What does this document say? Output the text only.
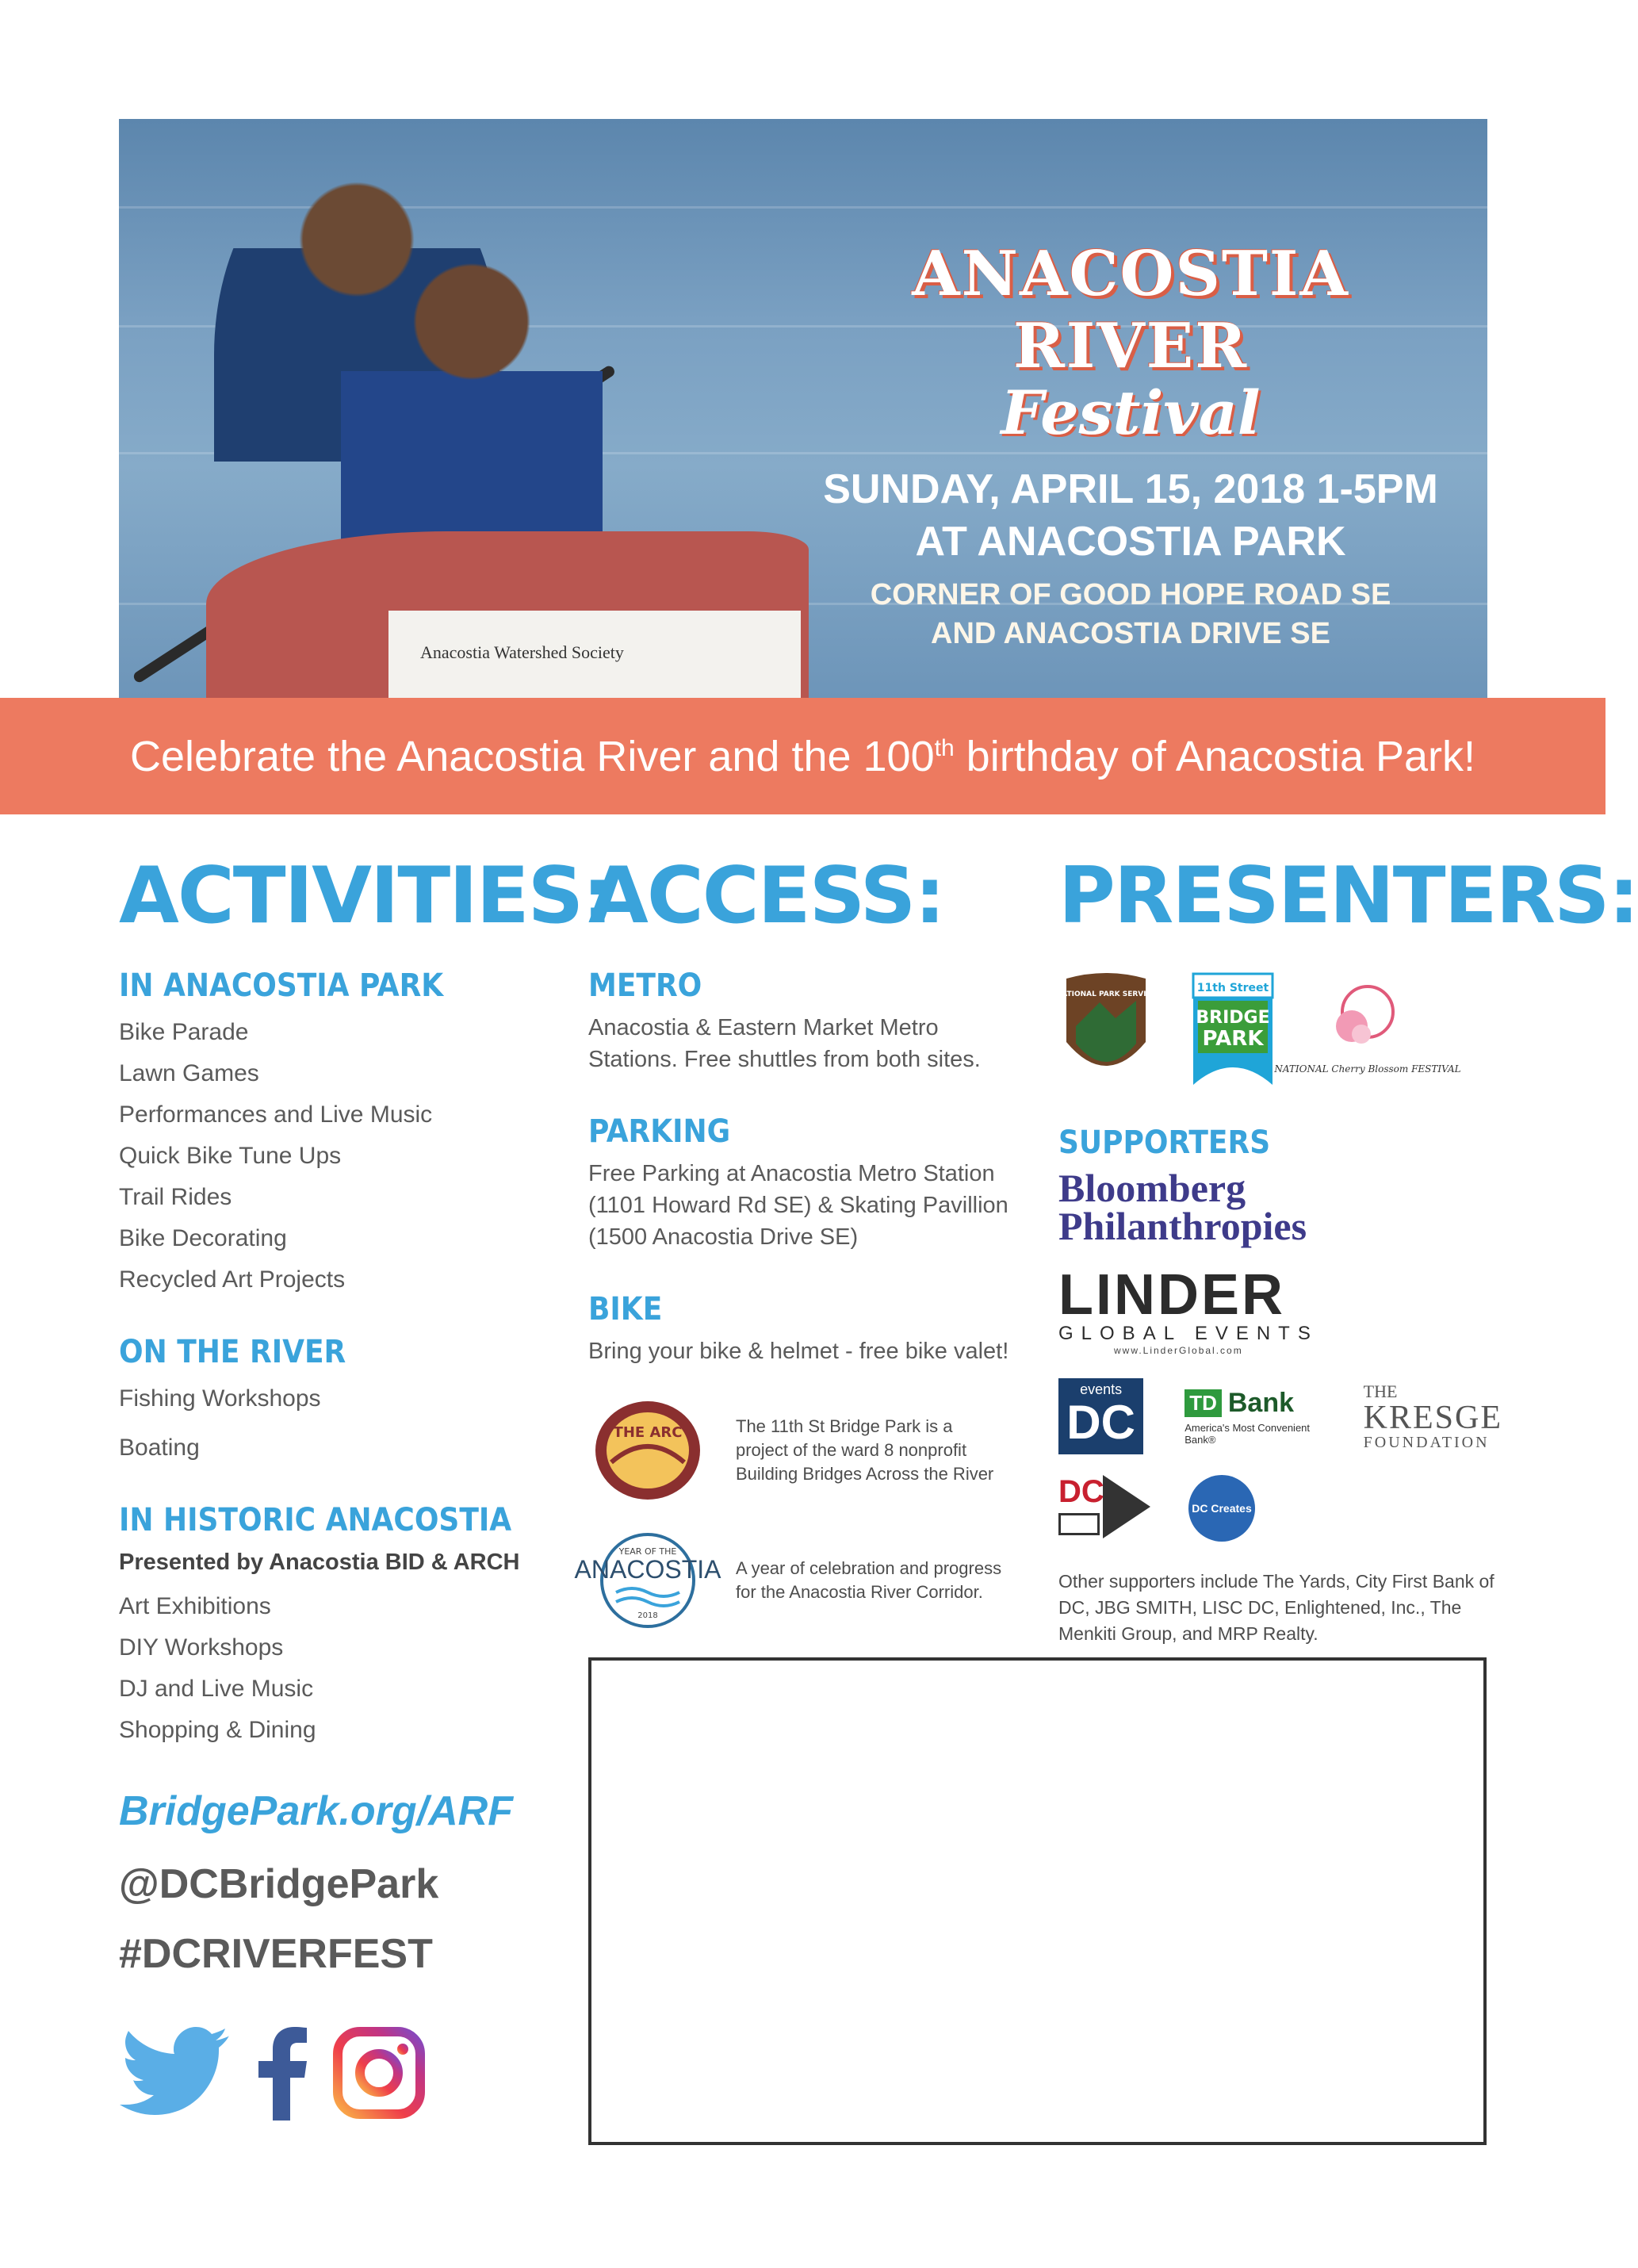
Anacostia Watershed Society
ANACOSTIA RIVER
Festival
SUNDAY, APRIL 15, 2018 1-5PM
AT ANACOSTIA PARK
CORNER OF GOOD HOPE ROAD SE
AND ANACOSTIA DRIVE SE
Celebrate the Anacostia River and the 100th birthday of Anacostia Park!
ACTIVITIES:
IN ANACOSTIA PARK
Bike Parade
Lawn Games
Performances and Live Music
Quick Bike Tune Ups
Trail Rides
Bike Decorating
Recycled Art Projects
ON THE RIVER
Fishing Workshops
Boating
IN HISTORIC ANACOSTIA
Presented by Anacostia BID & ARCH
Art Exhibitions
DIY Workshops
DJ and Live Music
Shopping & Dining
BridgePark.org/ARF
@DCBridgePark
#DCRIVERFEST
ACCESS:
METRO
Anacostia & Eastern Market Metro Stations. Free shuttles from both sites.
PARKING
Free Parking at Anacostia Metro Station (1101 Howard Rd SE) & Skating Pavillion (1500 Anacostia Drive SE)
BIKE
Bring your bike & helmet - free bike valet!
THE ARC	The 11th St Bridge Park is a project of the ward 8 nonprofit Building Bridges Across the River
YEAR OF THE
ANACOSTIA
2018
A year of celebration and progress for the Anacostia River Corridor.
PRESENTERS:
NATIONAL PARK SERVICE	11th Street
BRIDGE
PARK
NATIONAL Cherry Blossom FESTIVAL
SUPPORTERS
Bloomberg
Philanthropies
LINDER
GLOBAL EVENTS
www.LinderGlobal.com
events
DC	TD Bank
America's Most Convenient Bank®
THE
KRESGE
FOUNDATION
DC	DC Creates
Other supporters include The Yards, City First Bank of DC, JBG SMITH, LISC DC, Enlightened, Inc., The Menkiti Group, and MRP Realty.
